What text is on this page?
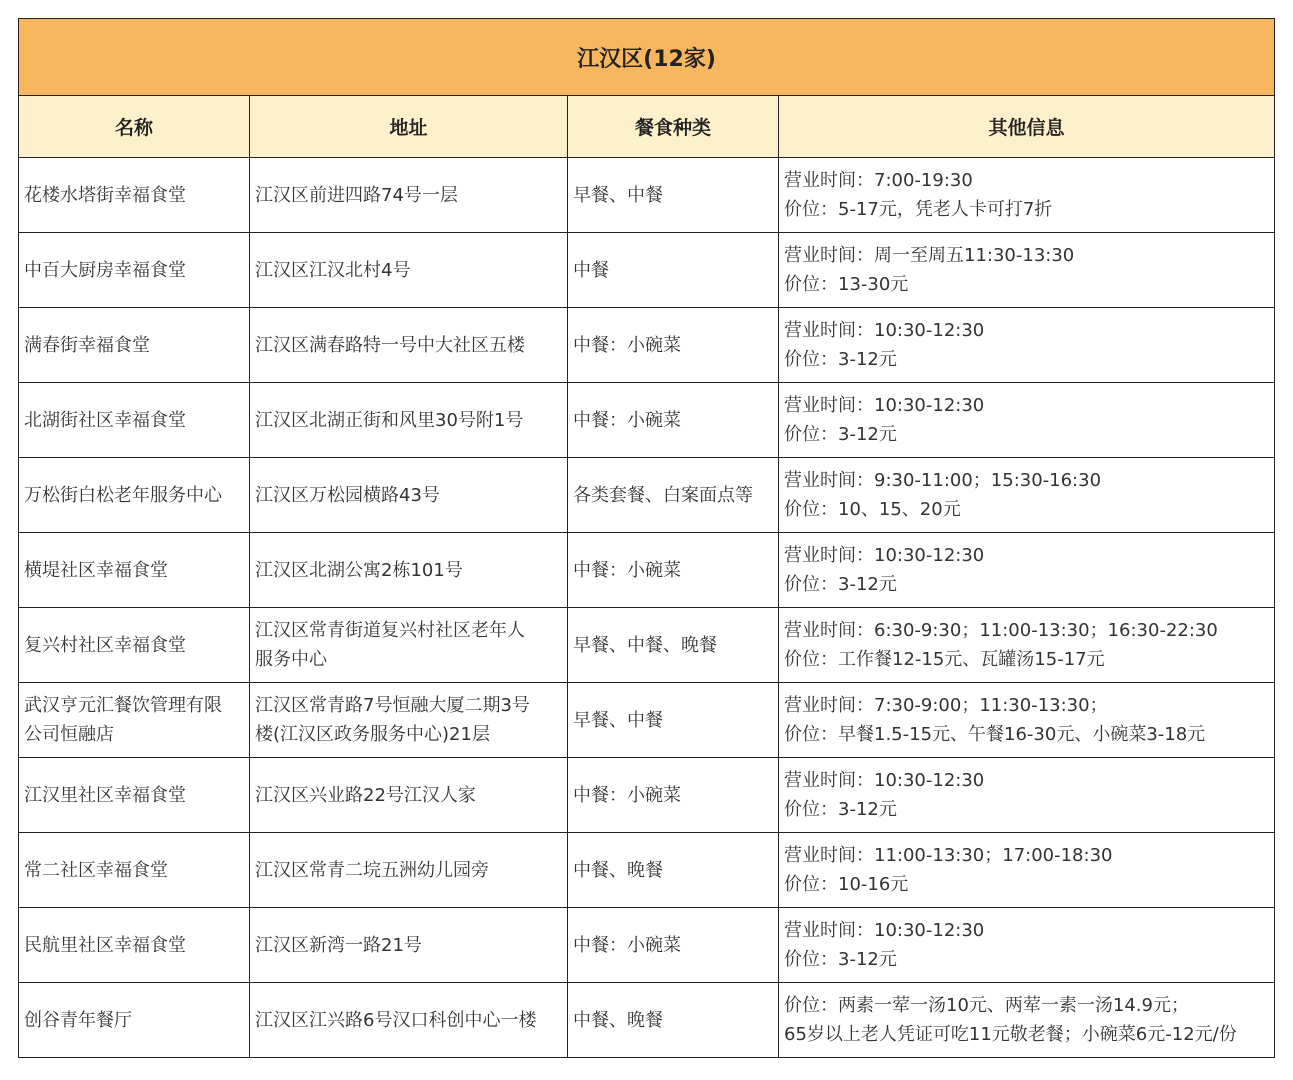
江汉区(12家)			
名称	地址	餐食种类	其他信息
花楼水塔街幸福食堂	江汉区前进四路74号一层	早餐、中餐	营业时间：7:00-19:30
价位：5-17元，凭老人卡可打7折

中百大厨房幸福食堂	江汉区江汉北村4号	中餐	营业时间：周一至周五11:30-13:30
价位：13-30元

满春街幸福食堂	江汉区满春路特一号中大社区五楼	中餐：小碗菜	营业时间：10:30-12:30
价位：3-12元

北湖街社区幸福食堂	江汉区北湖正街和风里30号附1号	中餐：小碗菜	营业时间：10:30-12:30
价位：3-12元

万松街白松老年服务中心	江汉区万松园横路43号	各类套餐、白案面点等	营业时间：9:30-11:00；15:30-16:30
价位：10、15、20元

横堤社区幸福食堂	江汉区北湖公寓2栋101号	中餐：小碗菜	营业时间：10:30-12:30
价位：3-12元

复兴村社区幸福食堂	江汉区常青街道复兴村社区老年人
服务中心	早餐、中餐、晚餐	营业时间：6:30-9:30；11:00-13:30；16:30-22:30
价位：工作餐12-15元、瓦罐汤15-17元

武汉亨元汇餐饮管理有限
公司恒融店	江汉区常青路7号恒融大厦二期3号
楼(江汉区政务服务中心)21层	早餐、中餐	营业时间：7:30-9:00；11:30-13:30；
价位：早餐1.5-15元、午餐16-30元、小碗菜3-18元

江汉里社区幸福食堂	江汉区兴业路22号江汉人家	中餐：小碗菜	营业时间：10:30-12:30
价位：3-12元

常二社区幸福食堂	江汉区常青二垸五洲幼儿园旁	中餐、晚餐	营业时间：11:00-13:30；17:00-18:30
价位：10-16元

民航里社区幸福食堂	江汉区新湾一路21号	中餐：小碗菜	营业时间：10:30-12:30
价位：3-12元

创谷青年餐厅	江汉区江兴路6号汉口科创中心一楼	中餐、晚餐	价位：两素一荤一汤10元、两荤一素一汤14.9元；
65岁以上老人凭证可吃11元敬老餐；小碗菜6元-12元/份
